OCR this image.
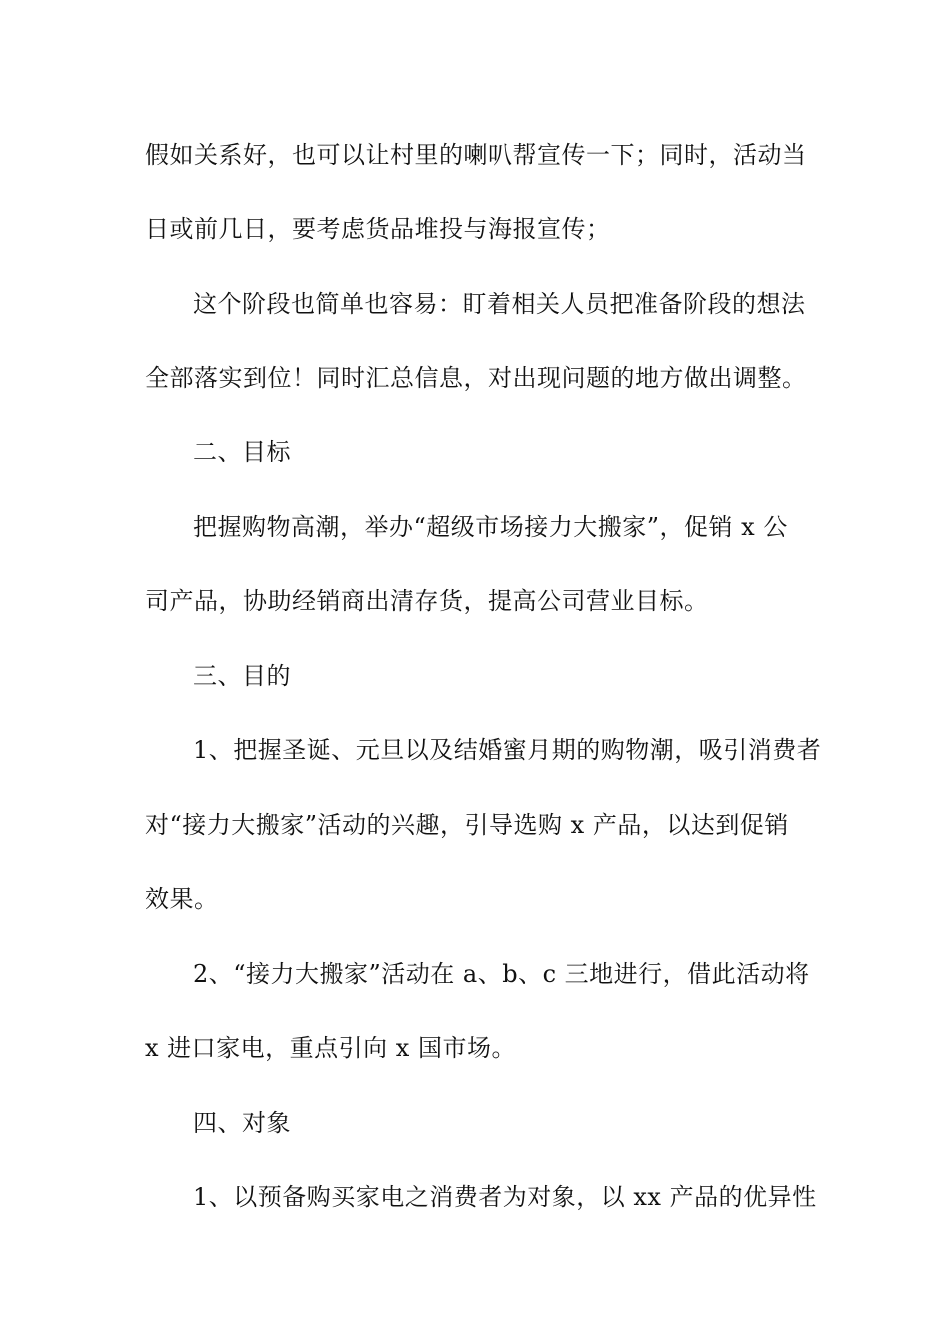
假如关系好，也可以让村里的喇叭帮宣传一下；同时，活动当
日或前几日，要考虑货品堆投与海报宣传；
这个阶段也简单也容易：盯着相关人员把准备阶段的想法
全部落实到位！同时汇总信息，对出现问题的地方做出调整。
二、目标
把握购物高潮，举办“超级市场接力大搬家”，促销 x 公
司产品，协助经销商出清存货，提高公司营业目标。
三、目的
1、把握圣诞、元旦以及结婚蜜月期的购物潮，吸引消费者
对“接力大搬家”活动的兴趣，引导选购 x 产品，以达到促销
效果。
2、“接力大搬家”活动在 a、b、c 三地进行，借此活动将
x 进口家电，重点引向 x 国市场。
四、对象
1、以预备购买家电之消费者为对象，以 xx 产品的优异性
